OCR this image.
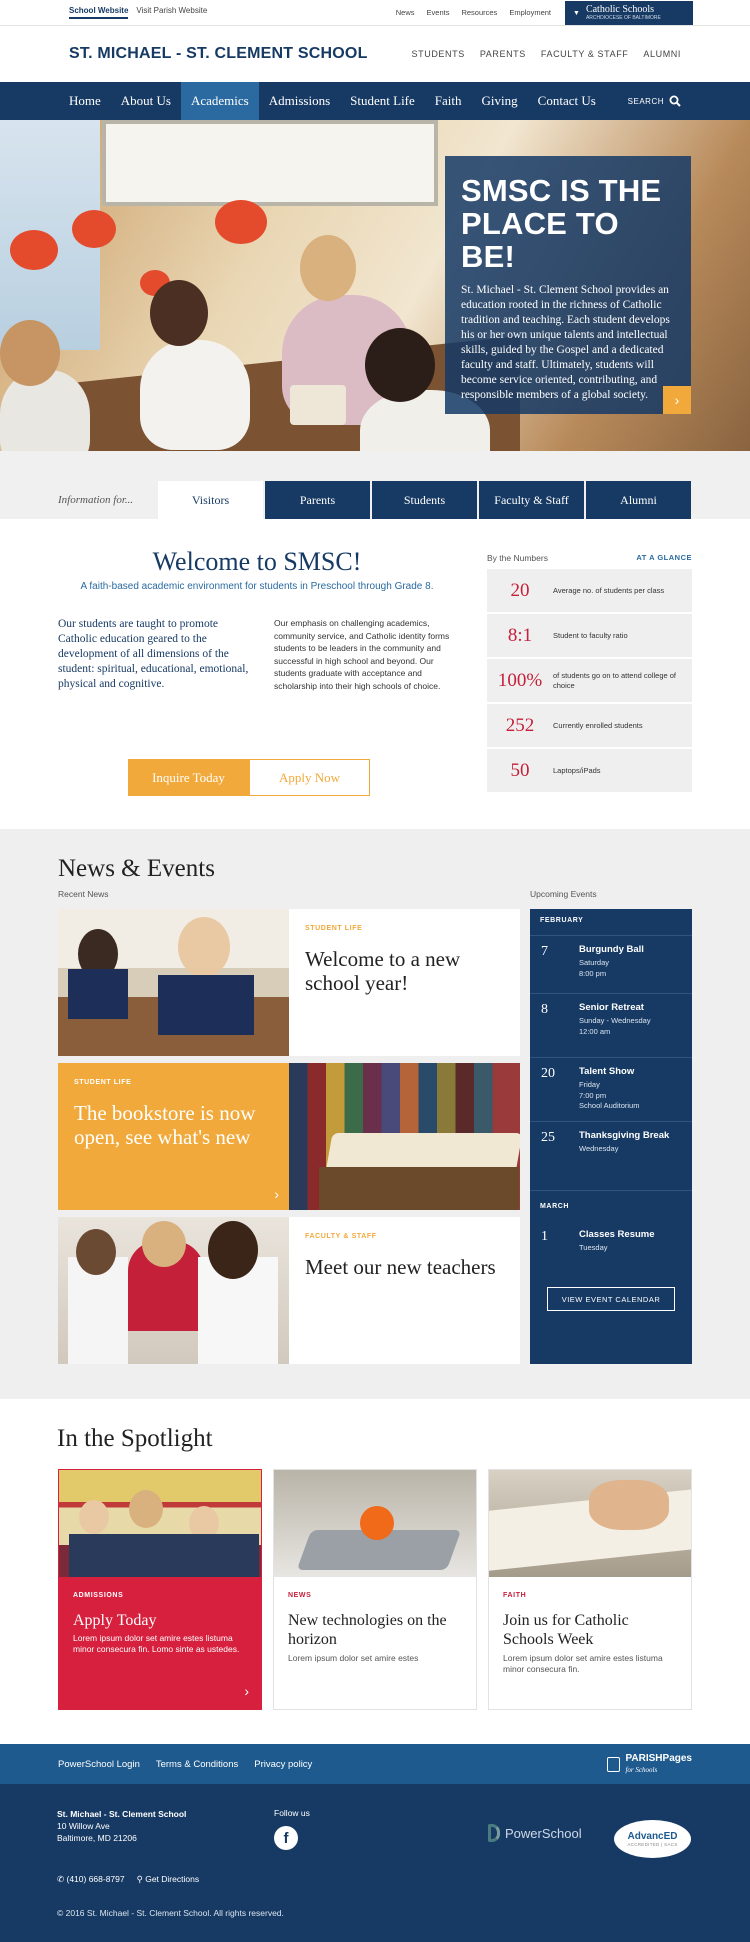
School Website Visit Parish Website	News Events Resources Employment	▼ Catholic Schools
ARCHDIOCESE OF BALTIMORE
ST. MICHAEL - ST. CLEMENT SCHOOL	STUDENTS PARENTS FACULTY & STAFF ALUMNI
Home	About Us	Academics	Admissions	Student Life	Faith	Giving	Contact Us	SEARCH
SMSC IS THE PLACE TO BE!

St. Michael - St. Clement School provides an education rooted in the richness of Catholic tradition and teaching. Each student develops his or her own unique talents and intellectual skills, guided by the Gospel and a dedicated faculty and staff. Ultimately, students will become service oriented, contributing, and responsible members of a global society.	›
Information for...	Visitors	Parents	Students	Faculty & Staff	Alumni
Welcome to SMSC!
A faith-based academic environment for students in Preschool through Grade 8.
Our students are taught to promote Catholic education geared to the development of all dimensions of the student: spiritual, educational, emotional, physical and cognitive.
Our emphasis on challenging academics, community service, and Catholic identity forms students to be leaders in the community and successful in high school and beyond. Our students graduate with acceptance and scholarship into their high schools of choice.
Inquire Today	Apply Now
By the Numbers	AT A GLANCE
20	Average no. of students per class
8:1	Student to faculty ratio
100%	of students go on to attend college of choice
252	Currently enrolled students
50	Laptops/iPads
News & Events
Recent News	Upcoming Events
STUDENT LIFE
Welcome to a new school year!
STUDENT LIFE
The bookstore is now open, see what's new
›
FACULTY & STAFF
Meet our new teachers
FEBRUARY
7	Burgundy Ball
Saturday
8:00 pm
8	Senior Retreat
Sunday - Wednesday
12:00 am
20	Talent Show
Friday
7:00 pm
School Auditorium
25	Thanksgiving Break
Wednesday
MARCH
1	Classes Resume
Tuesday
VIEW EVENT CALENDAR
In the Spotlight
ADMISSIONS
Apply Today
Lorem ipsum dolor set amire estes listuma minor consecura fin. Lomo sinte as ustedes.
›
NEWS
New technologies on the horizon
Lorem ipsum dolor set amire estes
FAITH
Join us for Catholic Schools Week
Lorem ipsum dolor set amire estes listuma minor consecura fin.
PowerSchool Login Terms & Conditions Privacy policy	PARISHPages
for Schools
St. Michael - St. Clement School
10 Willow Ave
Baltimore, MD 21206
Follow us
f	PowerSchool	AdvancED
ACCREDITED | SACS
✆ (410) 668-8797 ⚲ Get Directions
© 2016 St. Michael - St. Clement School. All rights reserved.
